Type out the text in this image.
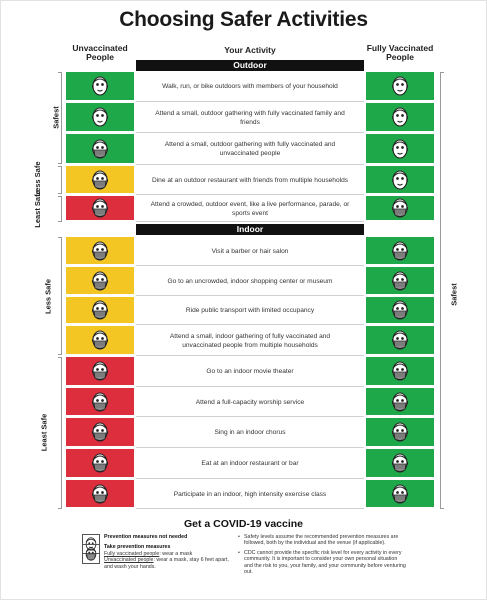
Choosing Safer Activities
Unvaccinated People
Your Activity	Fully Vaccinated People
Outdoor
Indoor
Walk, run, or bike outdoors with members of your household
Attend a small, outdoor gathering with fully vaccinated family and friends
Attend a small, outdoor gathering with fully vaccinated and unvaccinated people
Dine at an outdoor restaurant with friends from multiple households
Attend a crowded, outdoor event, like a live performance, parade, or sports event
Visit a barber or hair salon
Go to an uncrowded, indoor shopping center or museum
Ride public transport with limited occupancy
Attend a small, indoor gathering of fully vaccinated and unvaccinated people from multiple households
Go to an indoor movie theater
Attend a full-capacity worship service
Sing in an indoor chorus
Eat at an indoor restaurant or bar
Participate in an indoor, high intensity exercise class
Safest
Less Safe
Least Safe
Less Safe
Least Safe
Safest
Get a COVID-19 vaccine
Prevention measures not needed
Take prevention measures
Fully vaccinated people: wear a mask
Unvaccinated people: wear a mask, stay 6 feet apart, and wash your hands.
• Safety levels assume the recommended prevention measures are followed, both by the individual and the venue (if applicable).
• CDC cannot provide the specific risk level for every activity in every community. It is important to consider your own personal situation and the risk to you, your family, and your community before venturing out.
